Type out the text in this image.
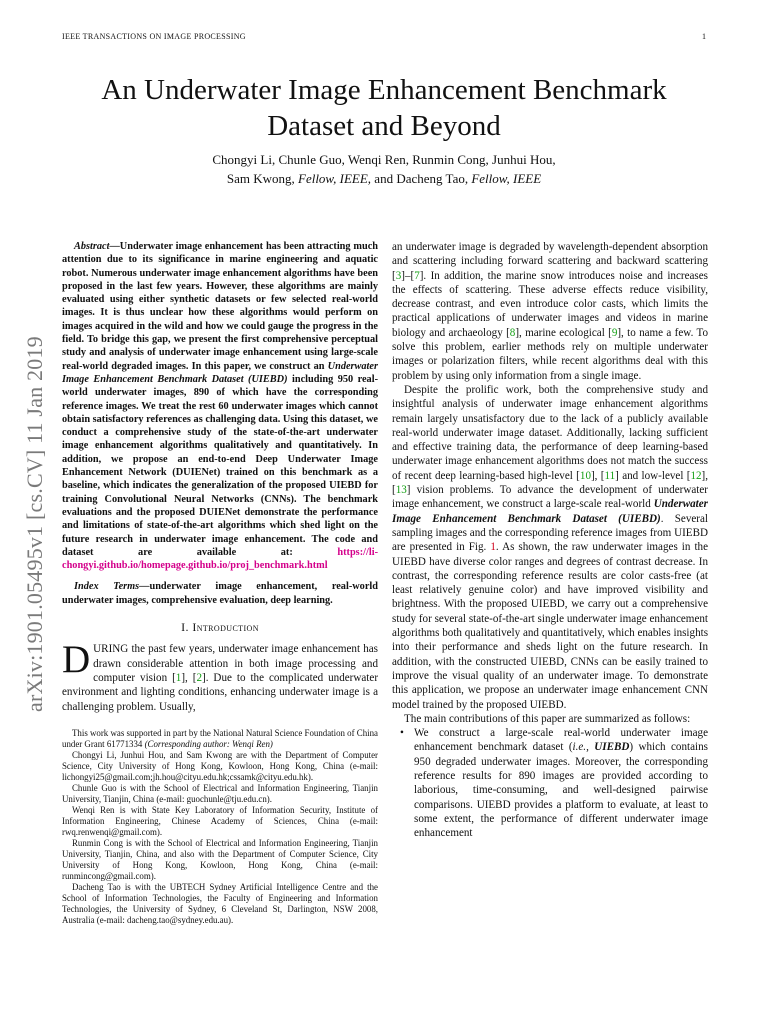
IEEE TRANSACTIONS ON IMAGE PROCESSING	1
An Underwater Image Enhancement Benchmark
Dataset and Beyond
Chongyi Li, Chunle Guo, Wenqi Ren, Runmin Cong, Junhui Hou,
Sam Kwong, Fellow, IEEE, and Dacheng Tao, Fellow, IEEE
arXiv:1901.05495v1 [cs.CV] 11 Jan 2019

Abstract—Underwater image enhancement has been attracting much attention due to its significance in marine engineering and aquatic robot. Numerous underwater image enhancement algorithms have been proposed in the last few years. However, these algorithms are mainly evaluated using either synthetic datasets or few selected real-world images. It is thus unclear how these algorithms would perform on images acquired in the wild and how we could gauge the progress in the field. To bridge this gap, we present the first comprehensive perceptual study and analysis of underwater image enhancement using large-scale real-world degraded images. In this paper, we construct an Underwater Image Enhancement Benchmark Dataset (UIEBD) including 950 real-world underwater images, 890 of which have the corresponding reference images. We treat the rest 60 underwater images which cannot obtain satisfactory references as challenging data. Using this dataset, we conduct a comprehensive study of the state-of-the-art underwater image enhancement algorithms qualitatively and quantitatively. In addition, we propose an end-to-end Deep Underwater Image Enhancement Network (DUIENet) trained on this benchmark as a baseline, which indicates the generalization of the proposed UIEBD for training Convolutional Neural Networks (CNNs). The benchmark evaluations and the proposed DUIENet demonstrate the performance and limitations of state-of-the-art algorithms which shed light on the future research in underwater image enhancement. The code and dataset are available at: https://li-chongyi.github.io/homepage.github.io/proj_benchmark.html

Index Terms—underwater image enhancement, real-world underwater images, comprehensive evaluation, deep learning.

I. Introduction

DURING the past few years, underwater image enhancement has drawn considerable attention in both image processing and computer vision [1], [2]. Due to the complicated underwater environment and lighting conditions, enhancing underwater image is a challenging problem. Usually,

This work was supported in part by the National Natural Science Foundation of China under Grant 61771334 (Corresponding author: Wenqi Ren)

Chongyi Li, Junhui Hou, and Sam Kwong are with the Department of Computer Science, City University of Hong Kong, Kowloon, Hong Kong, China (e-mail: lichongyi25@gmail.com;jh.hou@cityu.edu.hk;cssamk@cityu.edu.hk).

Chunle Guo is with the School of Electrical and Information Engineering, Tianjin University, Tianjin, China (e-mail: guochunle@tju.edu.cn).

Wenqi Ren is with State Key Laboratory of Information Security, Institute of Information Engineering, Chinese Academy of Sciences, China (e-mail: rwq.renwenqi@gmail.com).

Runmin Cong is with the School of Electrical and Information Engineering, Tianjin University, Tianjin, China, and also with the Department of Computer Science, City University of Hong Kong, Kowloon, Hong Kong, China (e-mail: runmincong@gmail.com).

Dacheng Tao is with the UBTECH Sydney Artificial Intelligence Centre and the School of Information Technologies, the Faculty of Engineering and Information Technologies, the University of Sydney, 6 Cleveland St, Darlington, NSW 2008, Australia (e-mail: dacheng.tao@sydney.edu.au).

an underwater image is degraded by wavelength-dependent absorption and scattering including forward scattering and backward scattering [3]–[7]. In addition, the marine snow introduces noise and increases the effects of scattering. These adverse effects reduce visibility, decrease contrast, and even introduce color casts, which limits the practical applications of underwater images and videos in marine biology and archaeology [8], marine ecological [9], to name a few. To solve this problem, earlier methods rely on multiple underwater images or polarization filters, while recent algorithms deal with this problem by using only information from a single image.

Despite the prolific work, both the comprehensive study and insightful analysis of underwater image enhancement algorithms remain largely unsatisfactory due to the lack of a publicly available real-world underwater image dataset. Additionally, lacking sufficient and effective training data, the performance of deep learning-based underwater image enhancement algorithms does not match the success of recent deep learning-based high-level [10], [11] and low-level [12], [13] vision problems. To advance the development of underwater image enhancement, we construct a large-scale real-world Underwater Image Enhancement Benchmark Dataset (UIEBD). Several sampling images and the corresponding reference images from UIEBD are presented in Fig. 1. As shown, the raw underwater images in the UIEBD have diverse color ranges and degrees of contrast decrease. In contrast, the corresponding reference results are color casts-free (at least relatively genuine color) and have improved visibility and brightness. With the proposed UIEBD, we carry out a comprehensive study for several state-of-the-art single underwater image enhancement algorithms both qualitatively and quantitatively, which enables insights into their performance and sheds light on the future research. In addition, with the constructed UIEBD, CNNs can be easily trained to improve the visual quality of an underwater image. To demonstrate this application, we propose an underwater image enhancement CNN model trained by the proposed UIEBD.

The main contributions of this paper are summarized as follows:

• We construct a large-scale real-world underwater image enhancement benchmark dataset (i.e., UIEBD) which contains 950 degraded underwater images. Moreover, the corresponding reference results for 890 images are provided according to laborious, time-consuming, and well-designed pairwise comparisons. UIEBD provides a platform to evaluate, at least to some extent, the performance of different underwater image enhancement
